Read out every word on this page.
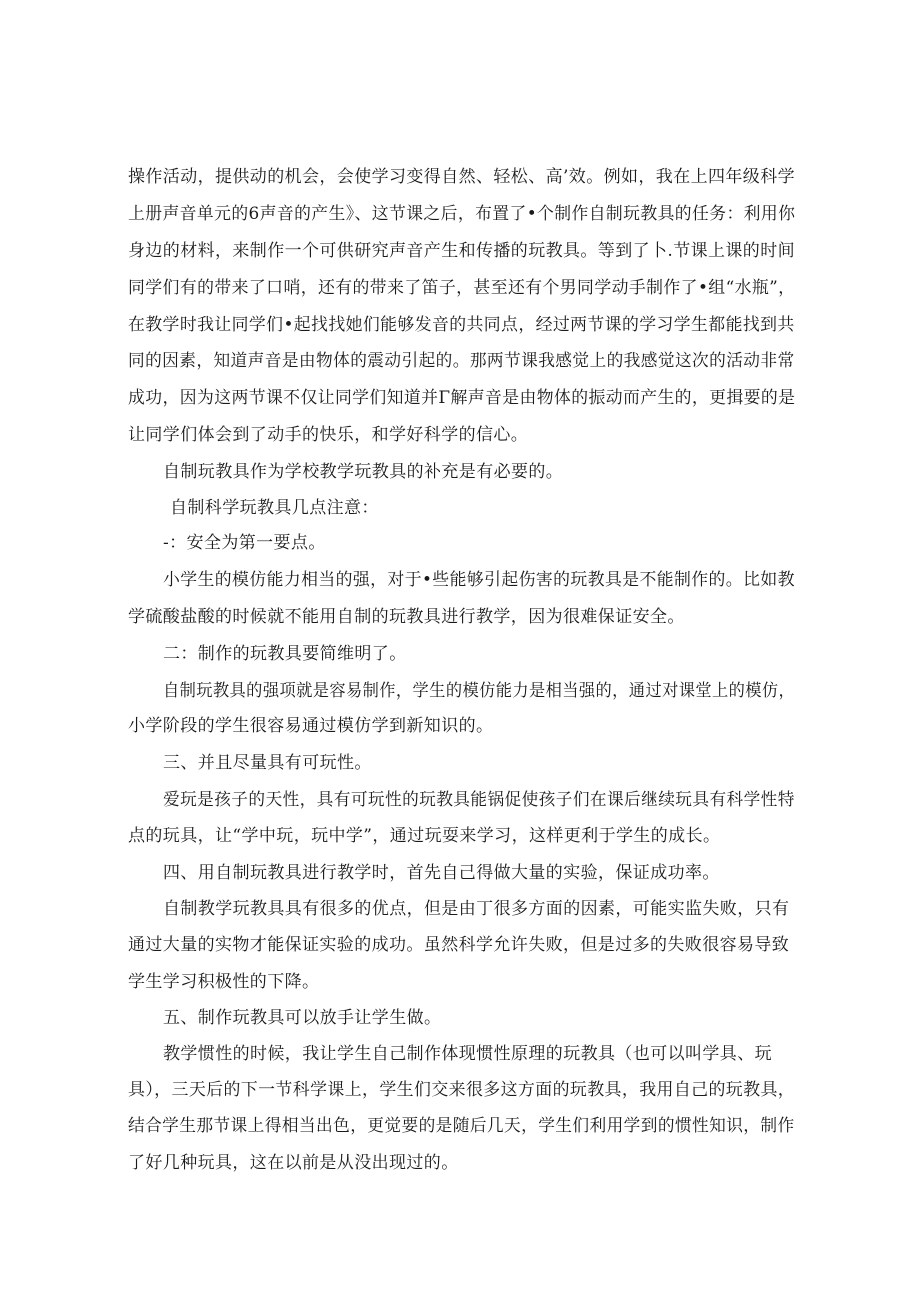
操作活动，提供动的机会，会使学习变得自然、轻松、高’效。例如，我在上四年级科学
上册声音单元的6声音的产生》、这节课之后，布置了•个制作自制玩教具的任务：利用你
身边的材料，来制作一个可供研究声音产生和传播的玩教具。等到了卜.节课上课的时间
同学们有的带来了口哨，还有的带来了笛子，甚至还有个男同学动手制作了•组“水瓶”，
在教学时我让同学们•起找找她们能够发音的共同点，经过两节课的学习学生都能找到共
同的因素，知道声音是由物体的震动引起的。那两节课我感觉上的我感觉这次的活动非常
成功，因为这两节课不仅让同学们知道并Γ解声音是由物体的振动而产生的，更揖要的是
让同学们体会到了动手的快乐，和学好科学的信心。
自制玩教具作为学校教学玩教具的补充是有必要的。
自制科学玩教具几点注意：
-：安全为第一要点。
小学生的模仿能力相当的强，对于•些能够引起伤害的玩教具是不能制作的。比如教
学硫酸盐酸的时候就不能用自制的玩教具进行教学，因为很难保证安全。
二：制作的玩教具要简维明了。
自制玩教具的强项就是容易制作，学生的模仿能力是相当强的，通过对课堂上的模仿，
小学阶段的学生很容易通过模仿学到新知识的。
三、并且尽量具有可玩性。
爱玩是孩子的天性，具有可玩性的玩教具能锅促使孩子们在课后继续玩具有科学性特
点的玩具，让“学中玩，玩中学”，通过玩耍来学习，这样更利于学生的成长。
四、用自制玩教具进行教学时，首先自己得做大量的实验，保证成功率。
自制教学玩教具具有很多的优点，但是由丁很多方面的因素，可能实监失败，只有
通过大量的实物才能保证实验的成功。虽然科学允许失败，但是过多的失败很容易导致
学生学习积极性的下降。
五、制作玩教具可以放手让学生做。
教学惯性的时候，我让学生自己制作体现惯性原理的玩教具（也可以叫学具、玩
具），三天后的下一节科学课上，学生们交来很多这方面的玩教具，我用自己的玩教具，
结合学生那节课上得相当出色，更觉要的是随后几天，学生们利用学到的惯性知识，制作
了好几种玩具，这在以前是从没出现过的。
